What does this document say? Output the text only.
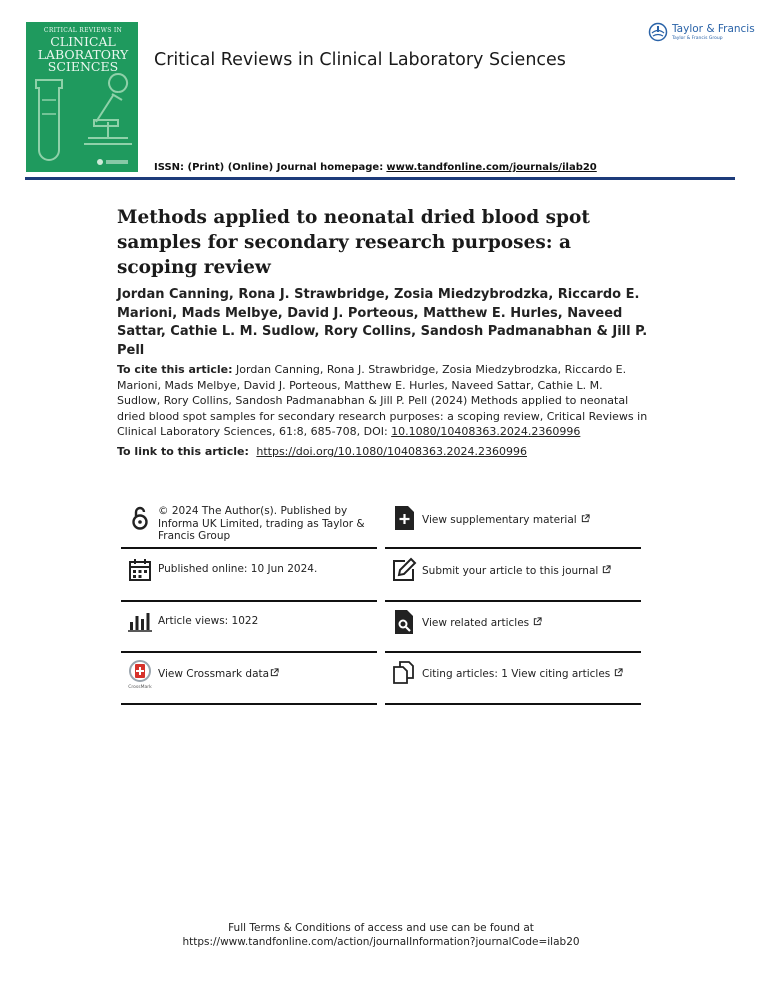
CRITICAL REVIEWS IN
CLINICAL
LABORATORY
SCIENCES	Critical Reviews in Clinical Laboratory Sciences
Taylor & Francis
Taylor & Francis Group
ISSN: (Print) (Online) Journal homepage: www.tandfonline.com/journals/ilab20
Methods applied to neonatal dried blood spot samples for secondary research purposes: a scoping review
Jordan Canning, Rona J. Strawbridge, Zosia Miedzybrodzka, Riccardo E. Marioni, Mads Melbye, David J. Porteous, Matthew E. Hurles, Naveed Sattar, Cathie L. M. Sudlow, Rory Collins, Sandosh Padmanabhan & Jill P. Pell
To cite this article: Jordan Canning, Rona J. Strawbridge, Zosia Miedzybrodzka, Riccardo E. Marioni, Mads Melbye, David J. Porteous, Matthew E. Hurles, Naveed Sattar, Cathie L. M. Sudlow, Rory Collins, Sandosh Padmanabhan & Jill P. Pell (2024) Methods applied to neonatal dried blood spot samples for secondary research purposes: a scoping review, Critical Reviews in Clinical Laboratory Sciences, 61:8, 685-708, DOI: 10.1080/10408363.2024.2360996
To link to this article: https://doi.org/10.1080/10408363.2024.2360996
© 2024 The Author(s). Published by Informa UK Limited, trading as Taylor & Francis Group
Published online: 10 Jun 2024.
Article views: 1022
CrossMark
View Crossmark data
View supplementary material
Submit your article to this journal
View related articles
Citing articles: 1 View citing articles
Full Terms & Conditions of access and use can be found at
https://www.tandfonline.com/action/journalInformation?journalCode=ilab20
